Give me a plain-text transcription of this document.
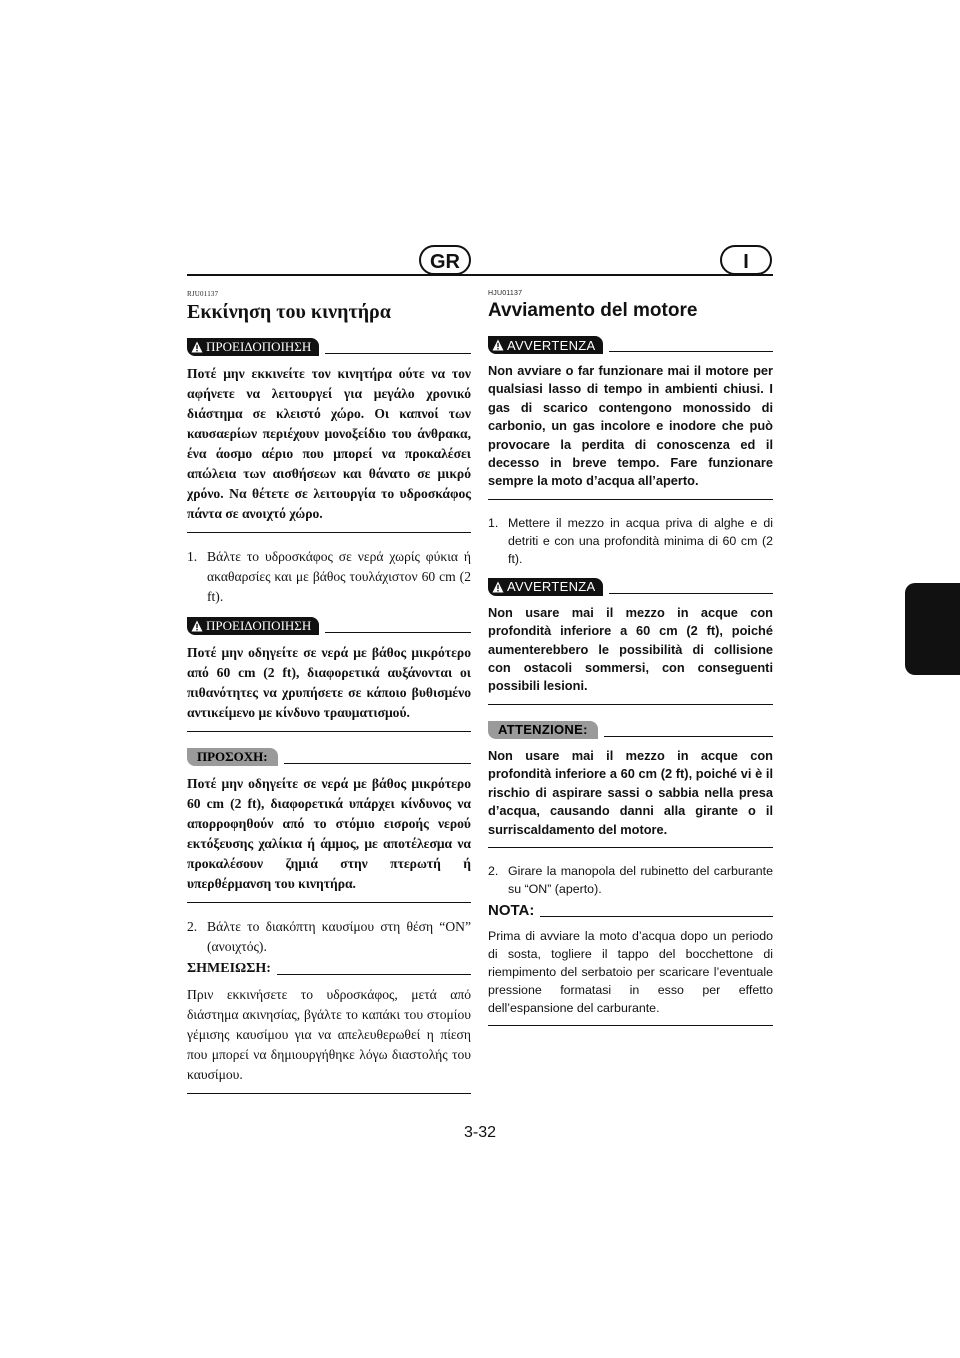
GR	I
RJU01137
Εκκίνηση του κινητήρα
ΠΡΟΕΙΔΟΠΟΙΗΣΗ

Ποτέ μην εκκινείτε τον κινητήρα ούτε να τον αφήνετε να λειτουργεί για μεγάλο χρονικό διάστημα σε κλειστό χώρο. Οι καπνοί των καυσαερίων περιέχουν μονοξείδιο του άνθρακα, ένα άοσμο αέριο που μπορεί να προκαλέσει απώλεια των αισθήσεων και θάνατο σε μικρό χρόνο. Να θέτετε σε λειτουργία το υδροσκάφος πάντα σε ανοιχτό χώρο.

1. Βάλτε το υδροσκάφος σε νερά χωρίς φύκια ή ακαθαρσίες και με βάθος τουλάχιστον 60 cm (2 ft).
ΠΡΟΕΙΔΟΠΟΙΗΣΗ

Ποτέ μην οδηγείτε σε νερά με βάθος μικρότερο από 60 cm (2 ft), διαφορετικά αυξάνονται οι πιθανότητες να χρυπήσετε σε κάποιο βυθισμένο αντικείμενο με κίνδυνο τραυματισμού.

ΠΡΟΣΟΧΗ:

Ποτέ μην οδηγείτε σε νερά με βάθος μικρότερο 60 cm (2 ft), διαφορετικά υπάρχει κίνδυνος να απορροφηθούν από το στόμιο εισροής νερού εκτόξευσης χαλίκια ή άμμος, με αποτέλεσμα να προκαλέσουν ζημιά στην πτερωτή ή υπερθέρμανση του κινητήρα.

2. Βάλτε το διακόπτη καυσίμου στη θέση “ON” (ανοιχτός).
ΣΗΜΕΙΩΣΗ:

Πριν εκκινήσετε το υδροσκάφος, μετά από διάστημα ακινησίας, βγάλτε το καπάκι του στομίου γέμισης καυσίμου για να απελευθερωθεί η πίεση που μπορεί να δημιουργήθηκε λόγω διαστολής του καυσίμου.

HJU01137
Avviamento del motore
AVVERTENZA

Non avviare o far funzionare mai il motore per qualsiasi lasso di tempo in ambienti chiusi. I gas di scarico contengono monossido di carbonio, un gas incolore e inodore che può provocare la perdita di conoscenza ed il decesso in breve tempo. Fare funzionare sempre la moto d’acqua all’aperto.

1. Mettere il mezzo in acqua priva di alghe e di detriti e con una profondità minima di 60 cm (2 ft).
AVVERTENZA

Non usare mai il mezzo in acque con profondità inferiore a 60 cm (2 ft), poiché aumenterebbero le possibilità di collisione con ostacoli sommersi, con conseguenti possibili lesioni.

ATTENZIONE:

Non usare mai il mezzo in acque con profondità inferiore a 60 cm (2 ft), poiché vi è il rischio di aspirare sassi o sabbia nella presa d’acqua, causando danni alla girante o il surriscaldamento del motore.

2. Girare la manopola del rubinetto del carburante su “ON” (aperto).
NOTA:

Prima di avviare la moto d’acqua dopo un periodo di sosta, togliere il tappo del bocchettone di riempimento del serbatoio per scaricare l’eventuale pressione formatasi in esso per effetto dell’espansione del carburante.

3-32
